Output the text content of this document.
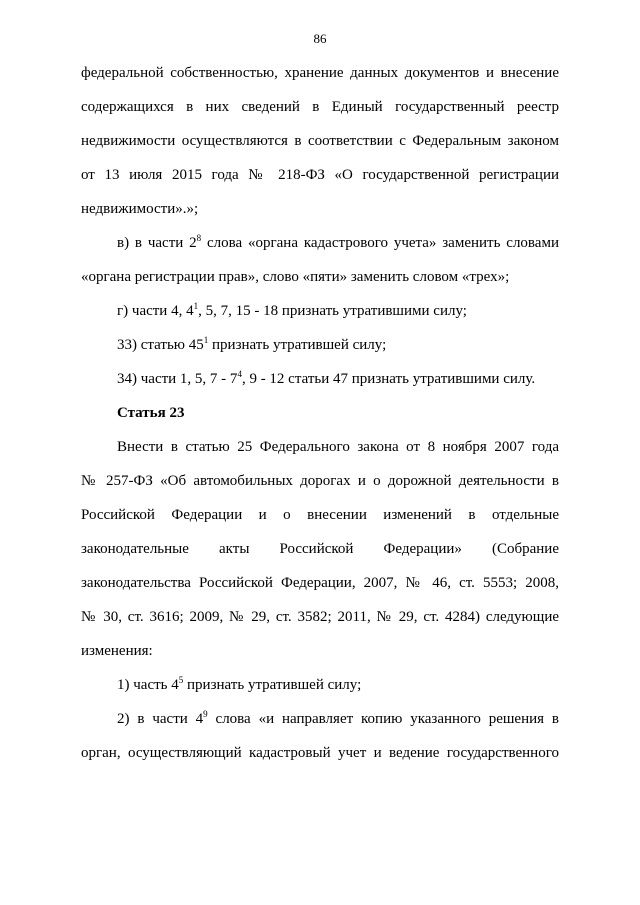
86

федеральной собственностью, хранение данных документов и внесение

содержащихся в них сведений в Единый государственный реестр

недвижимости осуществляются в соответствии с Федеральным законом

от 13 июля 2015 года № 218-ФЗ «О государственной регистрации

недвижимости».»;

в) в части $2^8$ слова «органа кадастрового учета» заменить словами

«органа регистрации прав», слово «пяти» заменить словом «трех»;

г) части 4, $4^1$, 5, 7, 15 - 18 признать утратившими силу;

33) статью $45^1$ признать утратившей силу;

34) части 1, 5, $7 - 7^4$, 9 - 12 статьи 47 признать утратившими силу.

Статья 23

Внести в статью 25 Федерального закона от 8 ноября 2007 года

№ 257-ФЗ «Об автомобильных дорогах и о дорожной деятельности в

Российской Федерации и о внесении изменений в отдельные

законодательные акты Российской Федерации» (Собрание

законодательства Российской Федерации, 2007, № 46, ст. 5553; 2008,

№ 30, ст. 3616; 2009, № 29, ст. 3582; 2011, № 29, ст. 4284) следующие

изменения:

1) часть $4^5$ признать утратившей силу;

2) в части $4^9$ слова «и направляет копию указанного решения в

орган, осуществляющий кадастровый учет и ведение государственного
